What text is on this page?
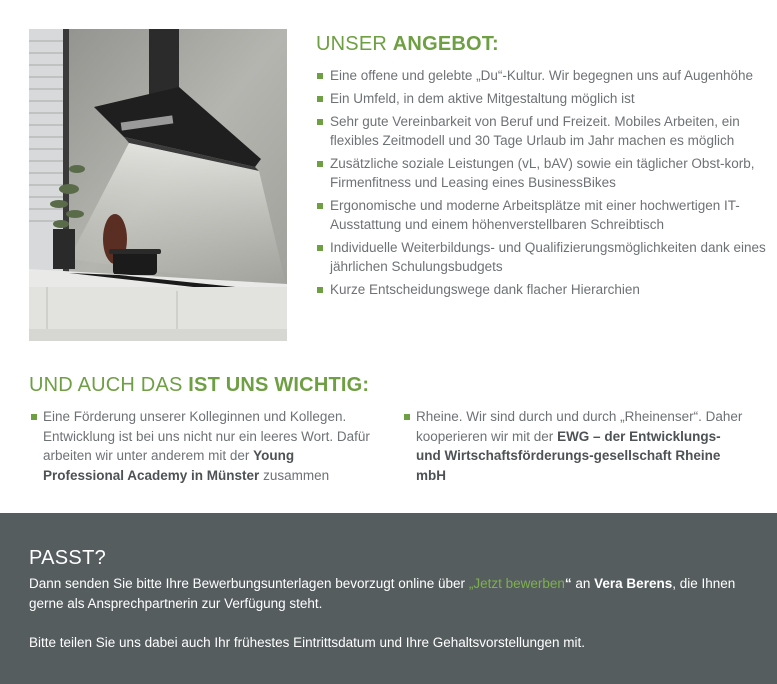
UNSER ANGEBOT:
Eine offene und gelebte „Du“-Kultur. Wir begegnen uns auf Augenhöhe
Ein Umfeld, in dem aktive Mitgestaltung möglich ist
Sehr gute Vereinbarkeit von Beruf und Freizeit. Mobiles Arbeiten, ein flexibles Zeitmodell und 30 Tage Urlaub im Jahr machen es möglich
Zusätzliche soziale Leistungen (vL, bAV) sowie ein täglicher Obst-korb, Firmenfitness und Leasing eines BusinessBikes
Ergonomische und moderne Arbeitsplätze mit einer hochwertigen IT-Ausstattung und einem höhenverstellbaren Schreibtisch
Individuelle Weiterbildungs- und Qualifizierungsmöglichkeiten dank eines jährlichen Schulungsbudgets
Kurze Entscheidungswege dank flacher Hierarchien
UND AUCH DAS IST UNS WICHTIG:
Eine Förderung unserer Kolleginnen und Kollegen. Entwicklung ist bei uns nicht nur ein leeres Wort. Dafür arbeiten wir unter anderem mit der Young Professional Academy in Münster zusammen
Rheine. Wir sind durch und durch „Rheinenser“. Daher kooperieren wir mit der EWG – der Entwicklungs- und Wirtschaftsförderungs-gesellschaft Rheine mbH
PASST?

Dann senden Sie bitte Ihre Bewerbungsunterlagen bevorzugt online über „Jetzt bewerben“ an Vera Berens, die Ihnen gerne als Ansprechpartnerin zur Verfügung steht.

Bitte teilen Sie uns dabei auch Ihr frühestes Eintrittsdatum und Ihre Gehaltsvorstellungen mit.
